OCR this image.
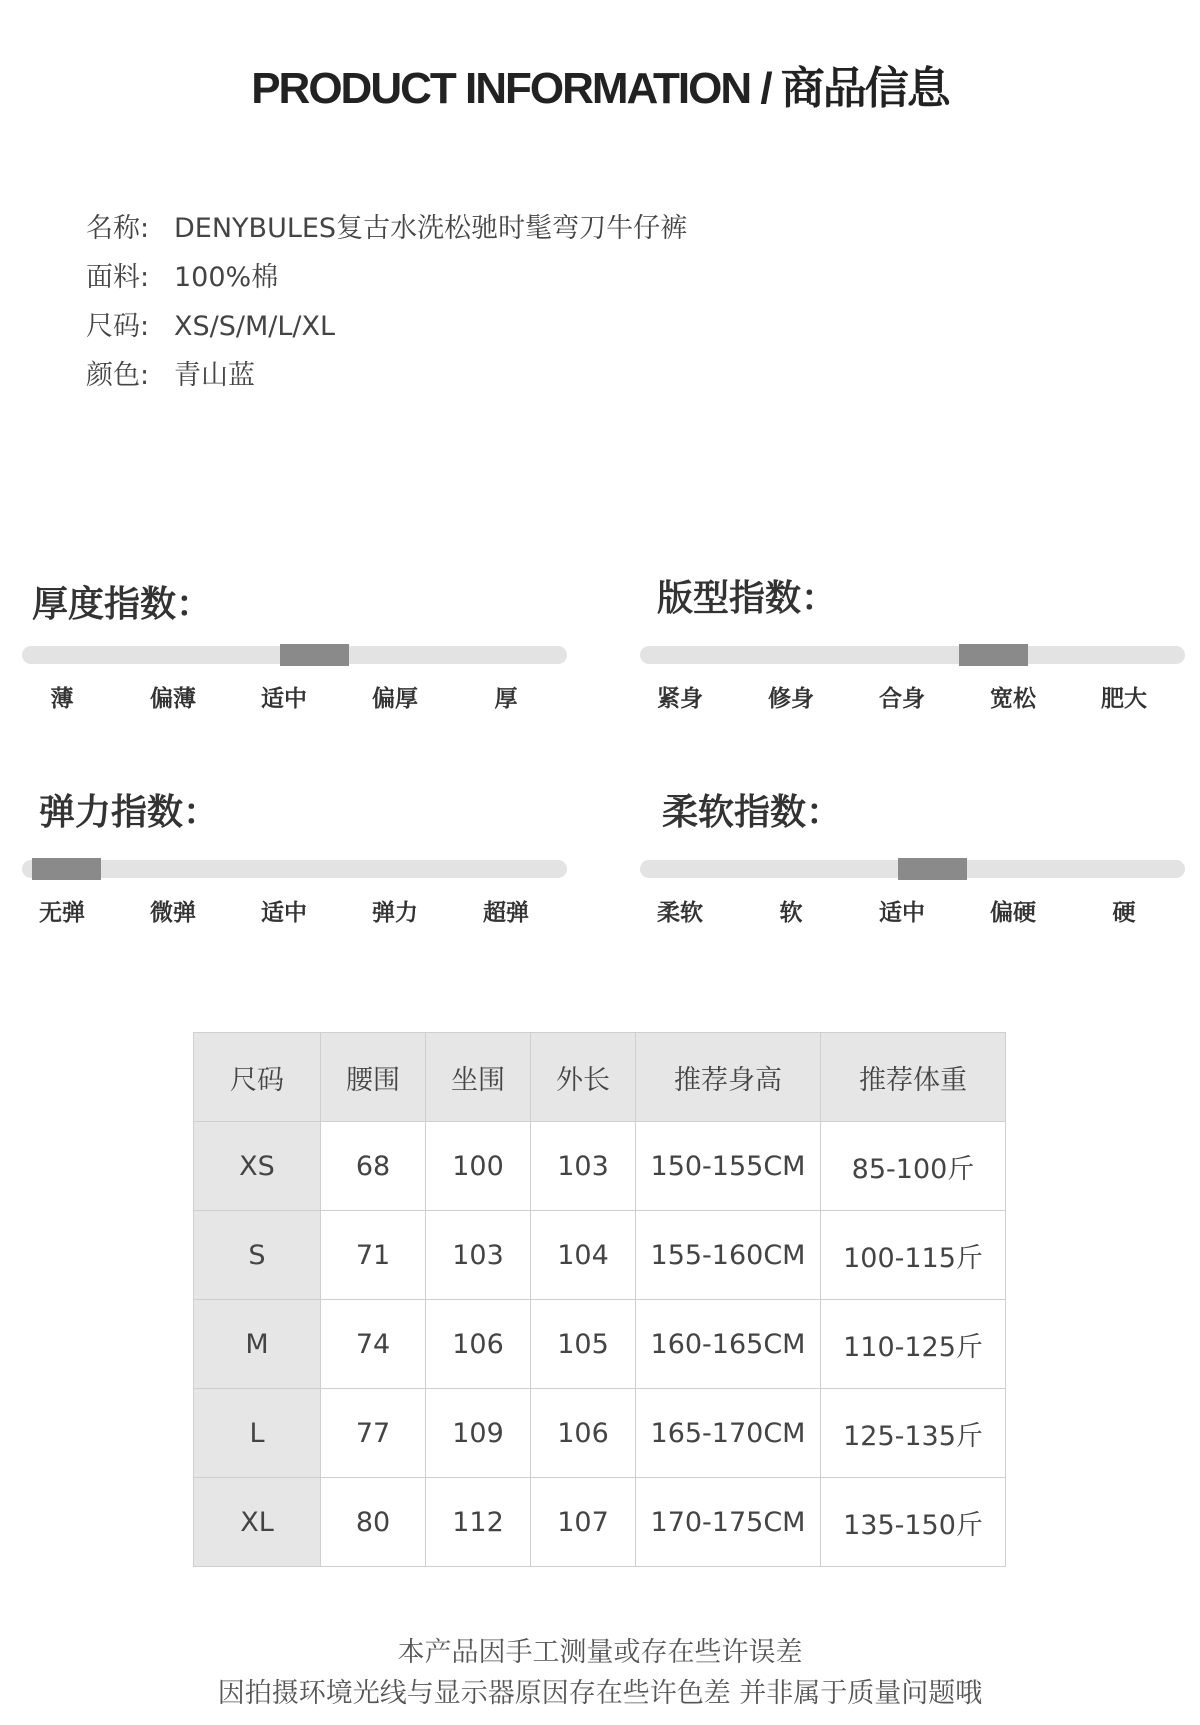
PRODUCT INFORMATION / 商品信息
名称: DENYBULES复古水洗松驰时髦弯刀牛仔裤
面料: 100%棉
尺码: XS/S/M/L/XL
颜色: 青山蓝
厚度指数：
薄	偏薄	适中	偏厚	厚
版型指数：
紧身	修身	合身	宽松	肥大
弹力指数：
无弹	微弹	适中	弹力	超弹
柔软指数：
柔软	软	适中	偏硬	硬
尺码	腰围	坐围	外长	推荐身高	推荐体重
XS	68	100	103	150-155CM	85-100斤
S	71	103	104	155-160CM	100-115斤
M	74	106	105	160-165CM	110-125斤
L	77	109	106	165-170CM	125-135斤
XL	80	112	107	170-175CM	135-150斤
本产品因手工测量或存在些许误差
因拍摄环境光线与显示器原因存在些许色差 并非属于质量问题哦
